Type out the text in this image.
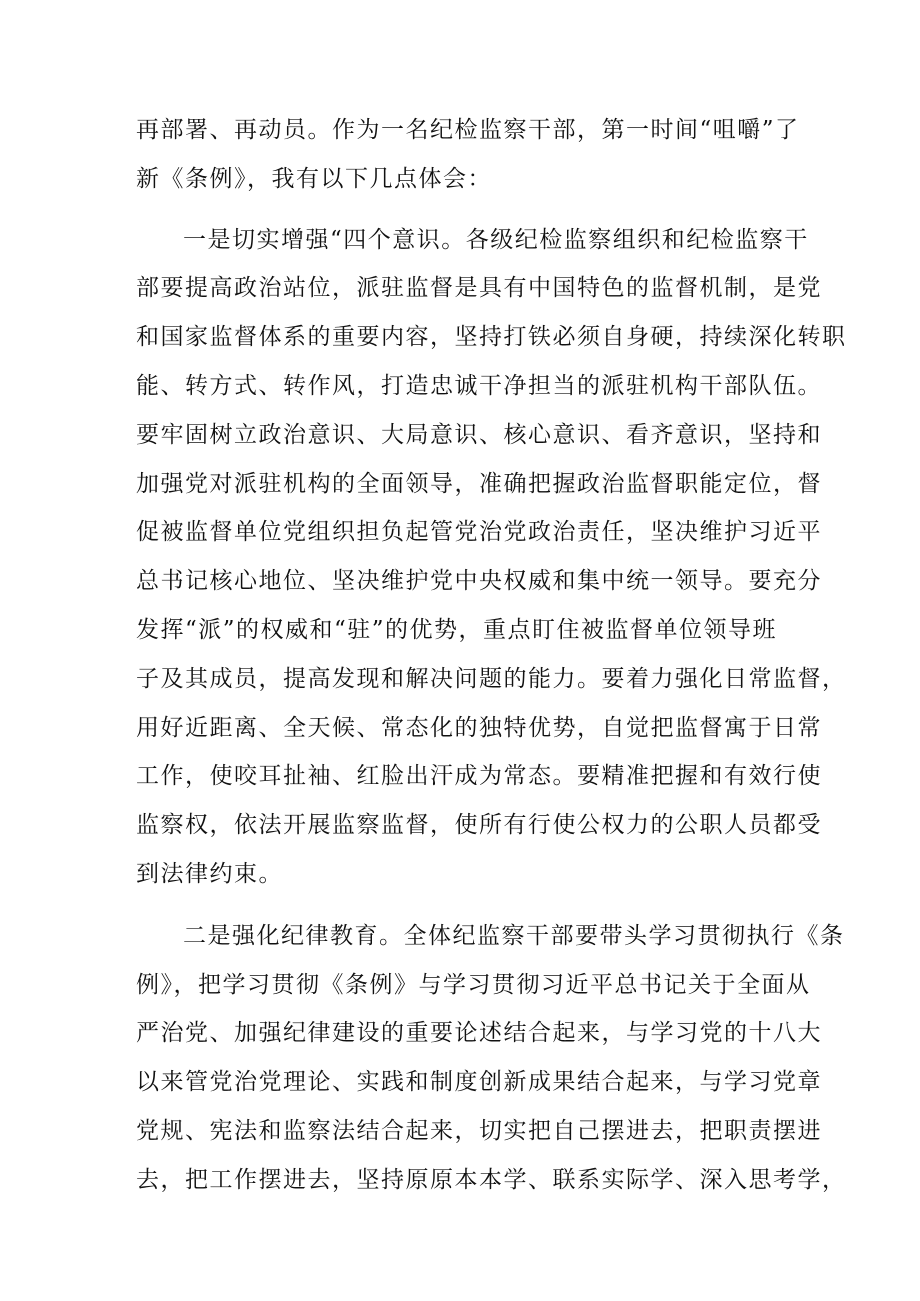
再部署、再动员。作为一名纪检监察干部，第一时间“咀嚼”了
新《条例》，我有以下几点体会：
一是切实增强“四个意识。各级纪检监察组织和纪检监察干
部要提高政治站位，派驻监督是具有中国特色的监督机制，是党
和国家监督体系的重要内容，坚持打铁必须自身硬，持续深化转职
能、转方式、转作风，打造忠诚干净担当的派驻机构干部队伍。
要牢固树立政治意识、大局意识、核心意识、看齐意识，坚持和
加强党对派驻机构的全面领导，准确把握政治监督职能定位，督
促被监督单位党组织担负起管党治党政治责任，坚决维护习近平
总书记核心地位、坚决维护党中央权威和集中统一领导。要充分
发挥“派”的权威和“驻”的优势，重点盯住被监督单位领导班
子及其成员，提高发现和解决问题的能力。要着力强化日常监督，
用好近距离、全天候、常态化的独特优势，自觉把监督寓于日常
工作，使咬耳扯袖、红脸出汗成为常态。要精准把握和有效行使
监察权，依法开展监察监督，使所有行使公权力的公职人员都受
到法律约束。
二是强化纪律教育。全体纪监察干部要带头学习贯彻执行《条
例》，把学习贯彻《条例》与学习贯彻习近平总书记关于全面从
严治党、加强纪律建设的重要论述结合起来，与学习党的十八大
以来管党治党理论、实践和制度创新成果结合起来，与学习党章
党规、宪法和监察法结合起来，切实把自己摆进去，把职责摆进
去，把工作摆进去，坚持原原本本学、联系实际学、深入思考学，
